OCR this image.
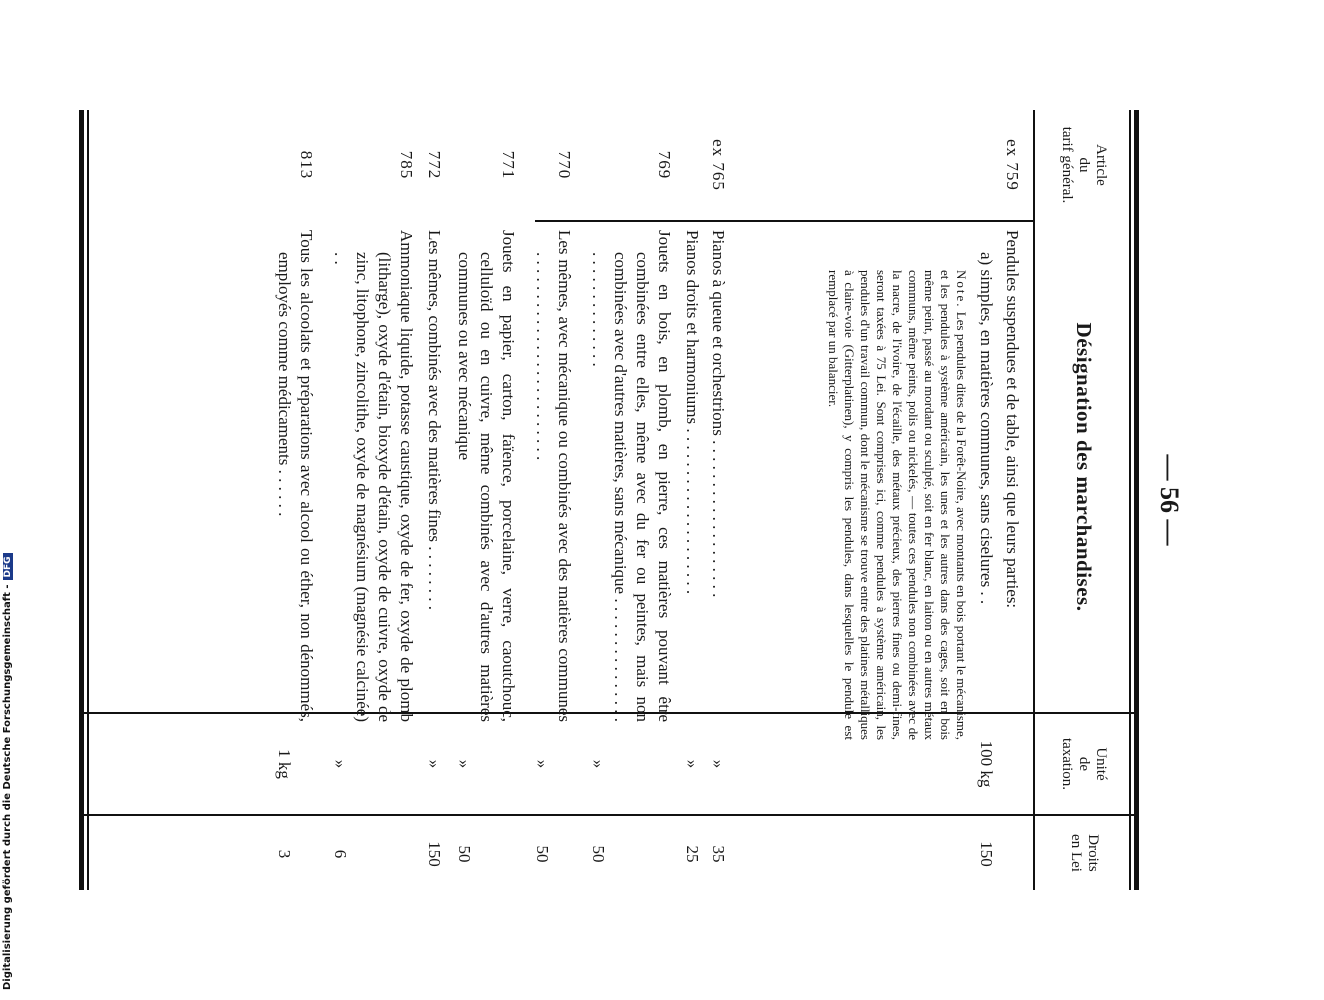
— 56 —
Article
du
tarif général.
Désignation des marchandises.
Unité
de
taxation.
Droits
en Lei
ex 759
Pendules suspendues et de table, ainsi que leurs parties:
a) simples, en matières communes, sans ciselures . .
100 kg
150
Note. Les pendules dites de la Forêt-Noire, avec montants en bois portant le mécanisme, et les pendules à système américain, les unes et les autres dans des cages, soit en bois même peint, passé au mordant ou sculpté, soit en fer blanc, en laiton ou en autres métaux communs, même peints, polis ou nickelés, — toutes ces pendules non combinées avec de la nacre, de l'ivoire, de l'écaille, des métaux précieux, des pierres fines ou demi-fines, seront taxées à 75 Lei. Sont comprises ici, comme pendules à système américain, les pendules d'un travail commun, dont le mécanisme se trouve entre des platines métalliques à claire-voie (Gitterplatinen), y compris les pendules, dans lesquelles le pendule est remplacé par un balancier.
ex 765
Pianos à queue et orchestrions . . . . . . . . . . . . . . . . . . .
»
35
Pianos droits et harmoniums . . . . . . . . . . . . . . . . . . . .
»
25
769
Jouets en bois, en plomb, en pierre, ces matières pouvant être combinées entre elles, même avec du fer ou peintes, mais non combinées avec d'autres matières, sans mécanique . . . . . . . . . . . . . . . . . . . . . . . . . . . . .
»
50
770
Les mêmes, avec mécanique ou combinés avec des matières communes . . . . . . . . . . . . . . . . . . . . . . . . .
»
50
771
Jouets en papier, carton, faïence, porcelaine, verre, caoutchouc, celluloïd ou en cuivre, même combinés avec d'autres matières communes ou avec mécanique
»
50
772
Les mêmes, combinés avec des matières fines . . . . . . . .
»
150
785
Ammoniaque liquide, potasse caustique, oxyde de fer, oxyde de plomb (litharge), oxyde d'étain, bioxyde d'étain, oxyde de cuivre, oxyde de zinc, litophone, zincolithe, oxyde de magnésium (magnésie calcinée) . .
»
6
813
Tous les alcoolats et préparations avec alcool ou éther, non dénommés, employés comme médicaments . . . . . .
1 kg
3
Digitalisierung gefördert durch die Deutsche Forschungsgemeinschaft -DFG
